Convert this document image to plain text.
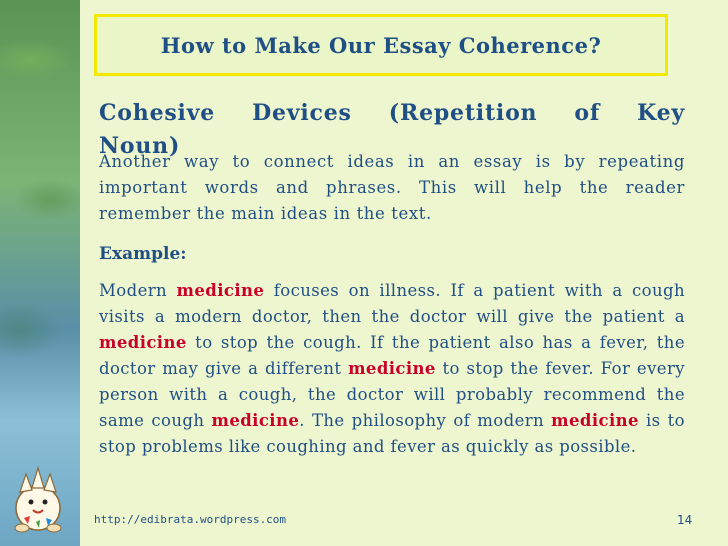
How to Make Our Essay Coherence?
Cohesive Devices (Repetition of Key
Noun)
Another way to connect ideas in an essay is by repeating important words and phrases. This will help the reader remember the main ideas in the text.
Example:
Modern medicine focuses on illness. If a patient with a cough visits a modern doctor, then the doctor will give the patient a medicine to stop the cough. If the patient also has a fever, the doctor may give a different medicine to stop the fever. For every person with a cough, the doctor will probably recommend the same cough medicine. The philosophy of modern medicine is to stop problems like coughing and fever as quickly as possible.
http://edibrata.wordpress.com	14
